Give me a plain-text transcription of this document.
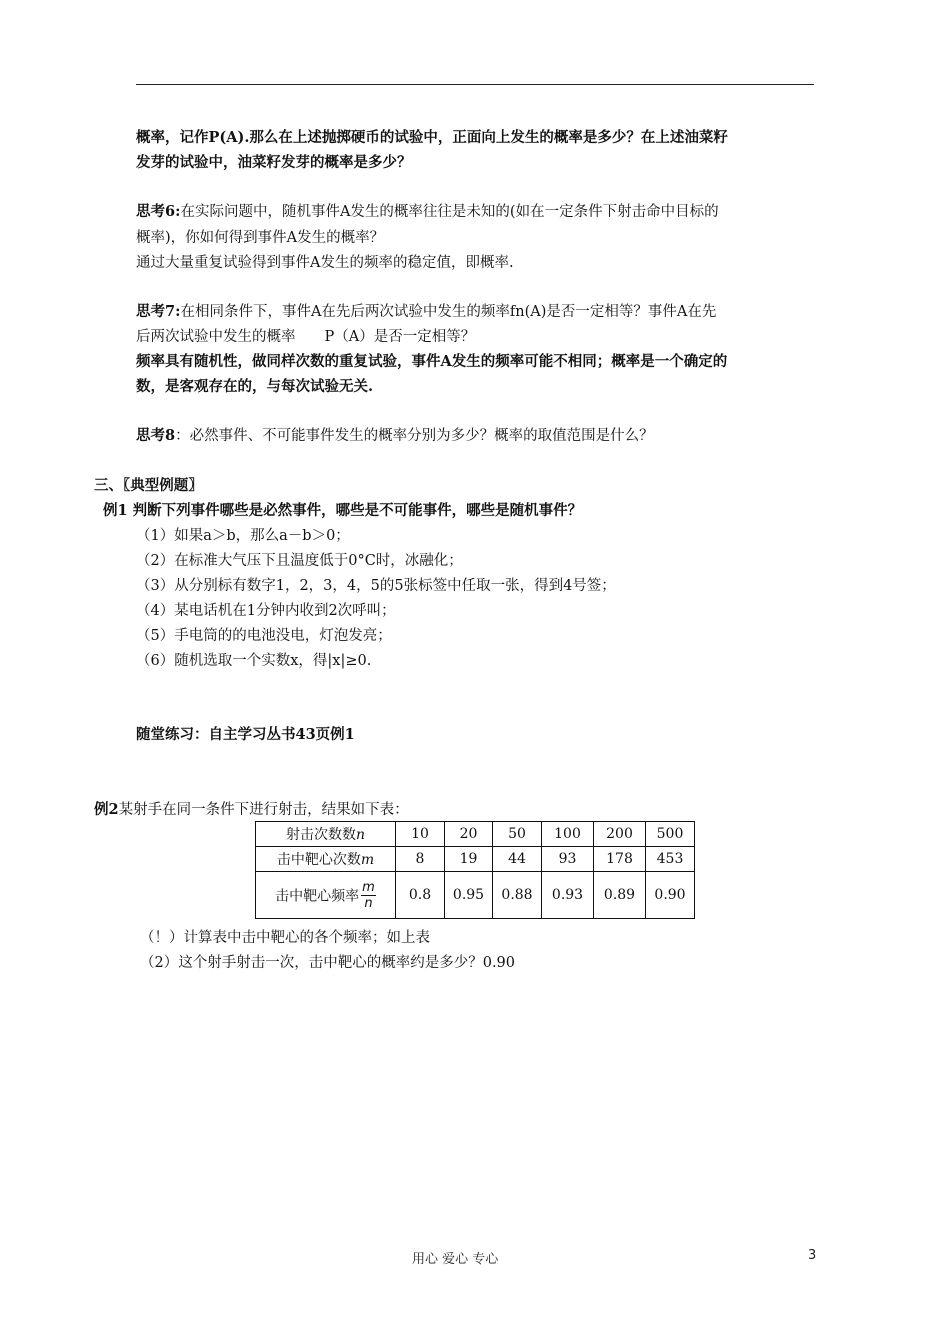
概率，记作P(A).那么在上述抛掷硬币的试验中，正面向上发生的概率是多少？在上述油菜籽
发芽的试验中，油菜籽发芽的概率是多少？
思考6:在实际问题中，随机事件A发生的概率往往是未知的(如在一定条件下射击命中目标的
概率)，你如何得到事件A发生的概率？
通过大量重复试验得到事件A发生的频率的稳定值，即概率.
思考7:在相同条件下，事件A在先后两次试验中发生的频率fn(A)是否一定相等？事件A在先
后两次试验中发生的概率　　P（A）是否一定相等？
频率具有随机性，做同样次数的重复试验，事件A发生的频率可能不相同；概率是一个确定的
数，是客观存在的，与每次试验无关.
思考8：必然事件、不可能事件发生的概率分别为多少？概率的取值范围是什么？
三、〖典型例题〗
例1 判断下列事件哪些是必然事件，哪些是不可能事件，哪些是随机事件？
（1）如果a＞b，那么a－b＞0；
（2）在标准大气压下且温度低于0°C时，冰融化；
（3）从分别标有数字1，2，3，4，5的5张标签中任取一张，得到4号签；
（4）某电话机在1分钟内收到2次呼叫；
（5）手电筒的的电池没电，灯泡发亮；
（6）随机选取一个实数x，得|x|≥0.
随堂练习：自主学习丛书43页例1
例2某射手在同一条件下进行射击，结果如下表：
射击次数数n	10	20	50	100	200	500
击中靶心次数m	8	19	44	93	178	453
击中靶心频率 $\frac{m}{n}$	0.8	0.95	0.88	0.93	0.89	0.90
（！）计算表中击中靶心的各个频率；如上表
（2）这个射手射击一次，击中靶心的概率约是多少？0.90
用心 爱心 专心	3
